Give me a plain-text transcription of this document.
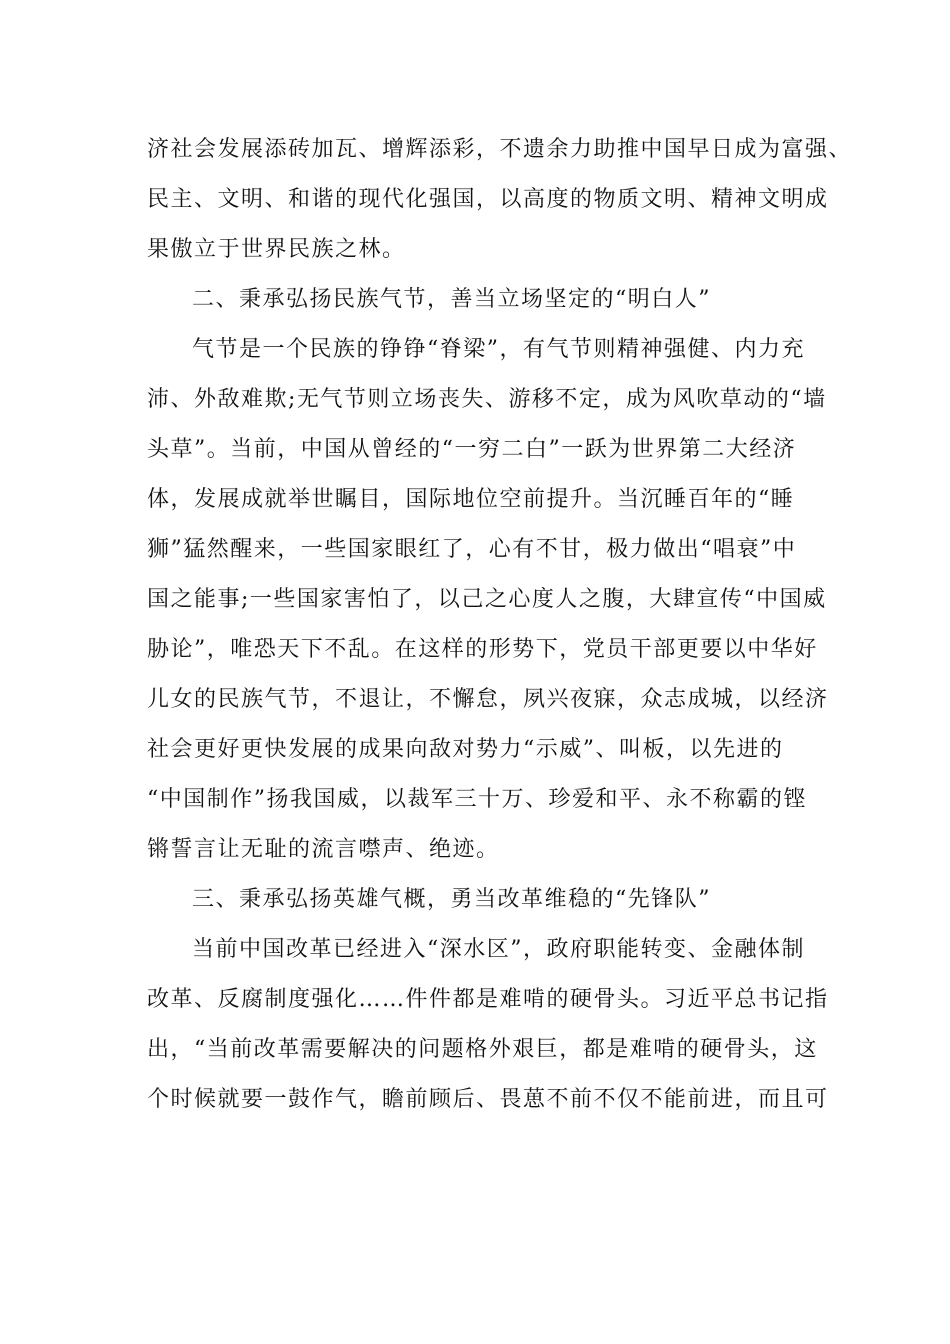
济社会发展添砖加瓦、增辉添彩，不遗余力助推中国早日成为富强、
民主、文明、和谐的现代化强国，以高度的物质文明、精神文明成
果傲立于世界民族之林。
二、秉承弘扬民族气节，善当立场坚定的“明白人”
气节是一个民族的铮铮“脊梁”，有气节则精神强健、内力充
沛、外敌难欺;无气节则立场丧失、游移不定，成为风吹草动的“墙
头草”。当前，中国从曾经的“一穷二白”一跃为世界第二大经济
体，发展成就举世瞩目，国际地位空前提升。当沉睡百年的“睡
狮”猛然醒来，一些国家眼红了，心有不甘，极力做出“唱衰”中
国之能事;一些国家害怕了，以己之心度人之腹，大肆宣传“中国威
胁论”，唯恐天下不乱。在这样的形势下，党员干部更要以中华好
儿女的民族气节，不退让，不懈怠，夙兴夜寐，众志成城，以经济
社会更好更快发展的成果向敌对势力“示威”、叫板，以先进的
“中国制作”扬我国威，以裁军三十万、珍爱和平、永不称霸的铿
锵誓言让无耻的流言噤声、绝迹。
三、秉承弘扬英雄气概，勇当改革维稳的“先锋队”
当前中国改革已经进入“深水区”，政府职能转变、金融体制
改革、反腐制度强化……件件都是难啃的硬骨头。习近平总书记指
出，“当前改革需要解决的问题格外艰巨，都是难啃的硬骨头，这
个时候就要一鼓作气，瞻前顾后、畏葸不前不仅不能前进，而且可
